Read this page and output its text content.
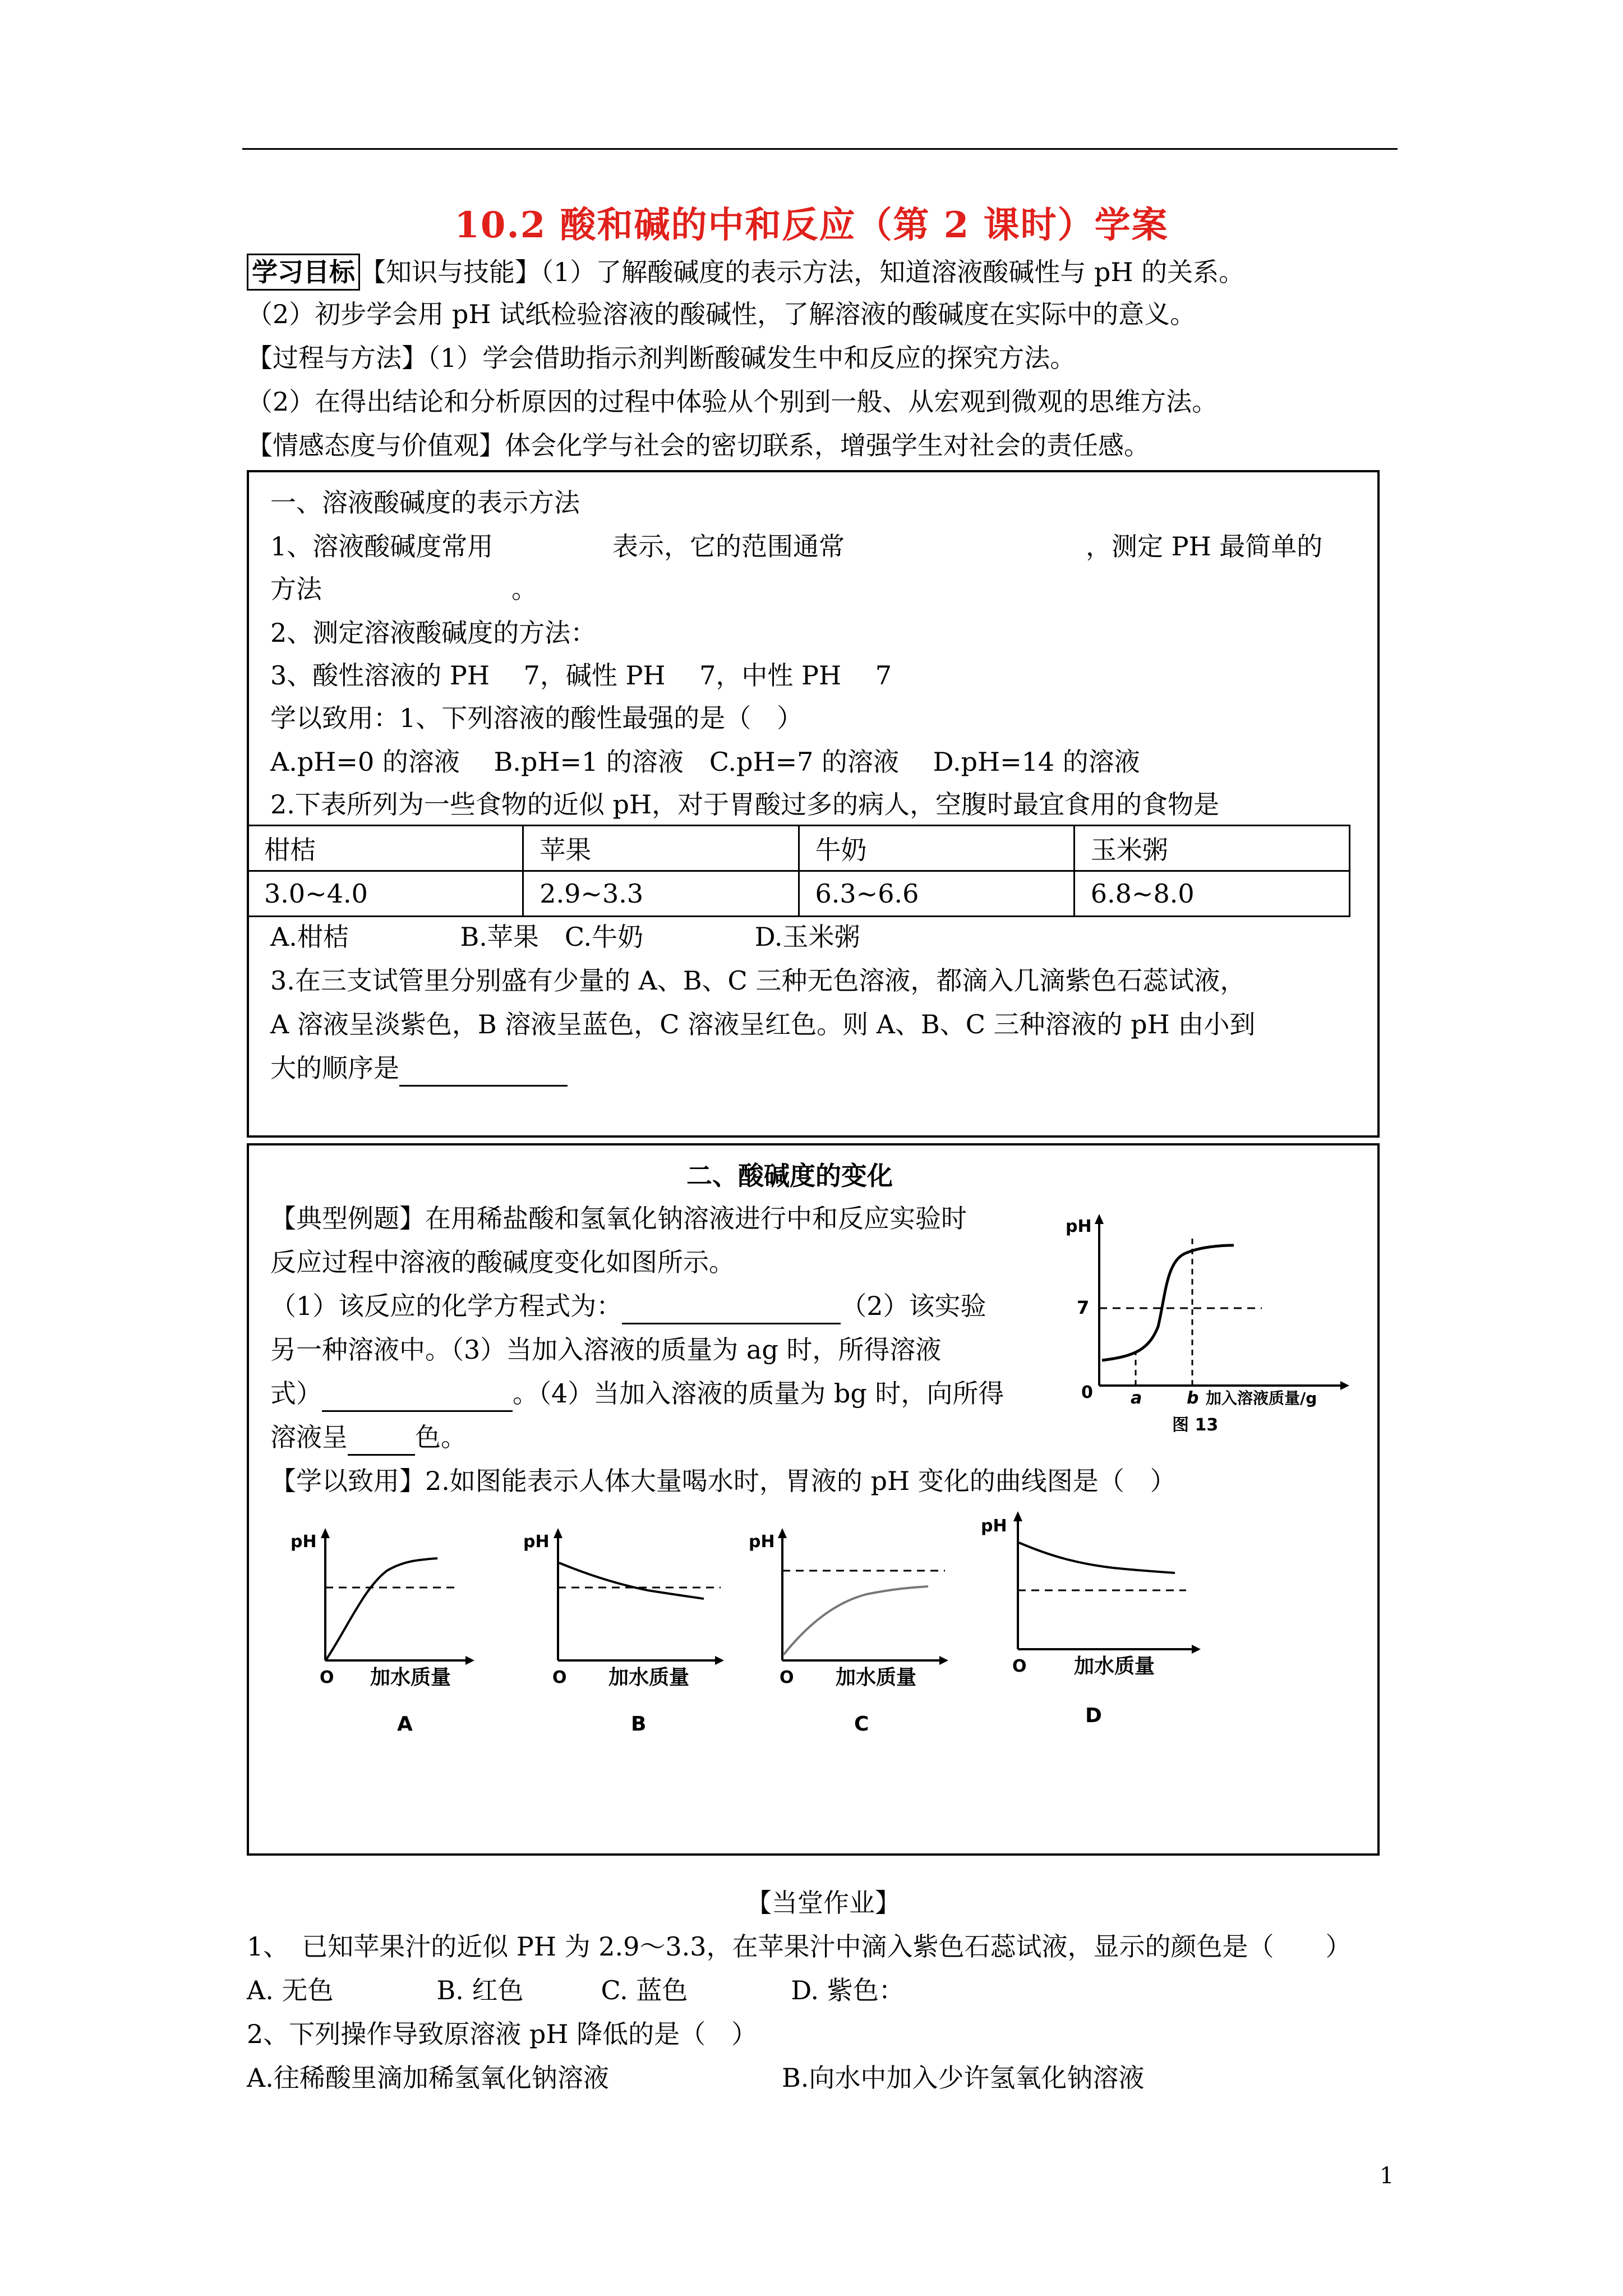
10.2 酸和碱的中和反应（第 2 课时）学案
学习目标 【知识与技能】（1）了解酸碱度的表示方法，知道溶液酸碱性与 pH 的关系。
（2）初步学会用 pH 试纸检验溶液的酸碱性，了解溶液的酸碱度在实际中的意义。
【过程与方法】（1）学会借助指示剂判断酸碱发生中和反应的探究方法。
（2）在得出结论和分析原因的过程中体验从个别到一般、从宏观到微观的思维方法。
【情感态度与价值观】体会化学与社会的密切联系，增强学生对社会的责任感。
一、溶液酸碱度的表示方法
1、溶液酸碱度常用	表示，它的范围通常	，测定 PH 最简单的
方法	。
2、测定溶液酸碱度的方法：
3、酸性溶液的 PH　 7，碱性 PH　 7，中性 PH　 7
学以致用：1、下列溶液的酸性最强的是（　）
A.pH=0 的溶液　 B.pH=1 的溶液　C.pH=7 的溶液　 D.pH=14 的溶液
2.下表所列为一些食物的近似 pH，对于胃酸过多的病人，空腹时最宜食用的食物是
柑桔	苹果	牛奶	玉米粥
3.0~4.0	2.9~3.3	6.3~6.6	6.8~8.0
A.柑桔　　　　 B.苹果　C.牛奶　　　　 D.玉米粥
3.在三支试管里分别盛有少量的 A、B、C 三种无色溶液，都滴入几滴紫色石蕊试液，
A 溶液呈淡紫色，B 溶液呈蓝色，C 溶液呈红色。则 A、B、C 三种溶液的 pH 由小到
大的顺序是
二、酸碱度的变化
【典型例题】在用稀盐酸和氢氧化钠溶液进行中和反应实验时
反应过程中溶液的酸碱度变化如图所示。
（1）该反应的化学方程式为：	（2）该实验
另一种溶液中。（3）当加入溶液的质量为 ag 时，所得溶液
式）	。（4）当加入溶液的质量为 bg 时，向所得
溶液呈	色。
pH
7
0 a	b 加入溶液质量/g
图 13
【学以致用】2.如图能表示人体大量喝水时，胃液的 pH 变化的曲线图是（　）
pH
O 加水质量
A
pH
O 加水质量
B
pH
O 加水质量
C
pH
O 加水质量
D
【当堂作业】
1、　已知苹果汁的近似 PH 为 2.9～3.3，在苹果汁中滴入紫色石蕊试液，显示的颜色是（　　）
A. 无色　　　　B. 红色　　　C. 蓝色　　　　D. 紫色：
2、下列操作导致原溶液 pH 降低的是（　）
A.往稀酸里滴加稀氢氧化钠溶液	B.向水中加入少许氢氧化钠溶液
1
